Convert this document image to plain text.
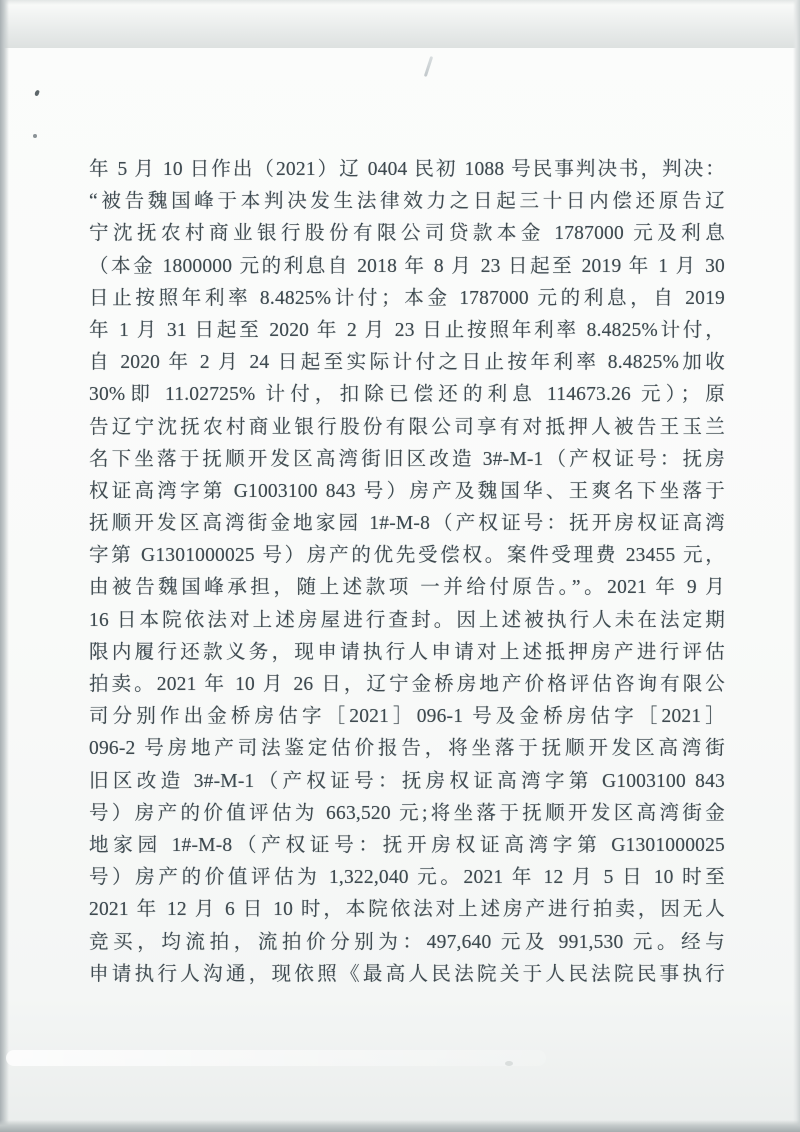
年 5 月 10 日作出（2021）辽 0404 民初 1088 号民事判决书，判决：
“被告魏国峰于本判决发生法律效力之日起三十日内偿还原告辽
宁沈抚农村商业银行股份有限公司贷款本金 1787000 元及利息
（本金 1800000 元的利息自 2018 年 8 月 23 日起至 2019 年 1 月 30
日止按照年利率 8.4825%计付；本金 1787000 元的利息，自 2019
年 1 月 31 日起至 2020 年 2 月 23 日止按照年利率 8.4825%计付，
自 2020 年 2 月 24 日起至实际计付之日止按年利率 8.4825%加收
30%即 11.02725% 计付，扣除已偿还的利息 114673.26 元）；原
告辽宁沈抚农村商业银行股份有限公司享有对抵押人被告王玉兰
名下坐落于抚顺开发区高湾街旧区改造 3#-M-1（产权证号：抚房
权证高湾字第 G1003100 843 号）房产及魏国华、王爽名下坐落于
抚顺开发区高湾街金地家园 1#-M-8（产权证号：抚开房权证高湾
字第 G1301000025 号）房产的优先受偿权。案件受理费 23455 元，
由被告魏国峰承担，随上述款项 一并给付原告。”。2021 年 9 月
16 日本院依法对上述房屋进行查封。因上述被执行人未在法定期
限内履行还款义务，现申请执行人申请对上述抵押房产进行评估
拍卖。2021 年 10 月 26 日，辽宁金桥房地产价格评估咨询有限公
司分别作出金桥房估字［2021］096-1 号及金桥房估字［2021］
096-2 号房地产司法鉴定估价报告，将坐落于抚顺开发区高湾街
旧区改造 3#-M-1（产权证号：抚房权证高湾字第 G1003100 843
号）房产的价值评估为 663,520 元;将坐落于抚顺开发区高湾街金
地家园 1#-M-8（产权证号：抚开房权证高湾字第 G1301000025
号）房产的价值评估为 1,322,040 元。2021 年 12 月 5 日 10 时至
2021 年 12 月 6 日 10 时，本院依法对上述房产进行拍卖，因无人
竞买，均流拍，流拍价分别为：497,640 元及 991,530 元。经与
申请执行人沟通，现依照《最高人民法院关于人民法院民事执行
